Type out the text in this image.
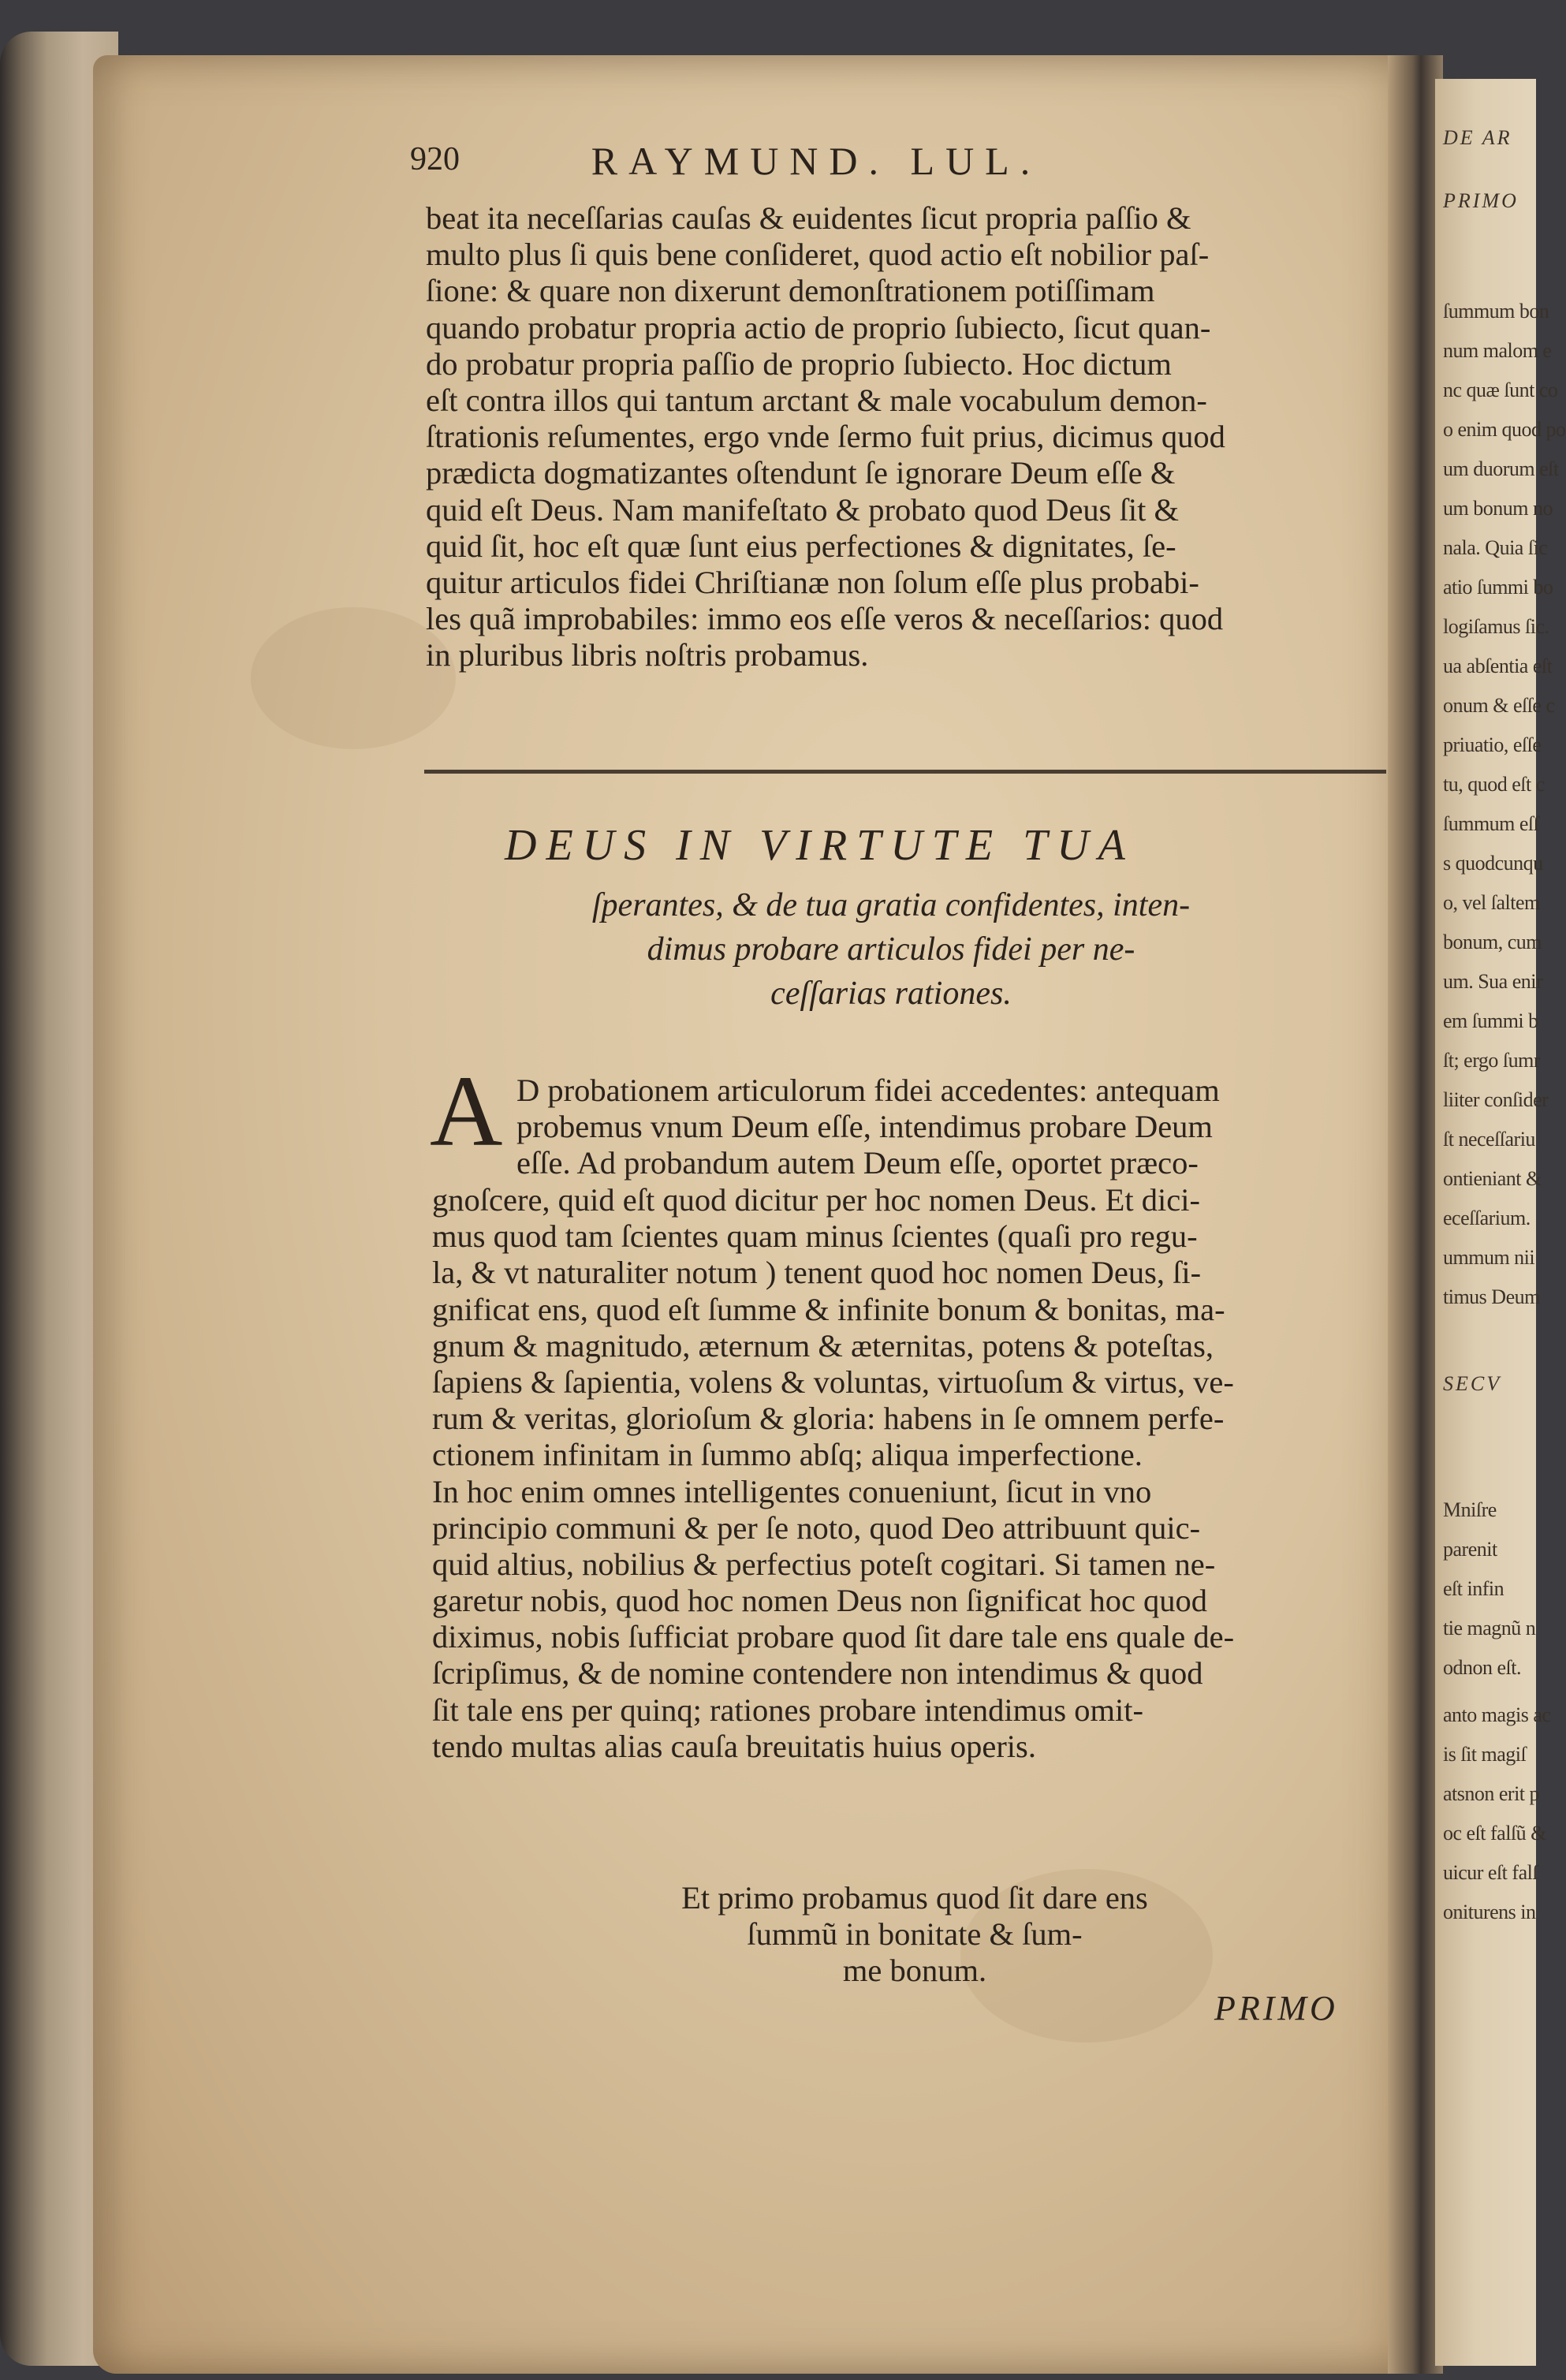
DE AR
PRIMO
ſummum bon
num malom e
nc quæ ſunt co
o enim quod po
um duorum eſt
um bonum no
nala. Quia ſic
atio ſummi bo
logiſamus ſic.
ua abſentia eſt
onum & eſſe c
priuatio, eſſe
tu, quod eſt c
ſummum eſſ
s quodcunqu
o, vel ſaltem
bonum, cum
um. Sua enir
em ſummi b
ſt; ergo ſumr
liiter conſider
ſt neceſſariu
ontieniant &
eceſſarium.
ummum nii
timus Deum
SECV
Mniſre
parenit
eſt infin
tie magnũ n
odnon eſt.
anto magis ac
is ſit magiſ
atsnon erit p
oc eſt falſũ &
uicur eſt falſ
oniturens in
920	RAYMUND. LUL.
beat ita neceſſarias cauſas & euidentes ſicut propria paſſio &
multo plus ſi quis bene conſideret, quod actio eſt nobilior paſ-
ſione: & quare non dixerunt demonſtrationem potiſſimam
quando probatur propria actio de proprio ſubiecto, ſicut quan-
do probatur propria paſſio de proprio ſubiecto. Hoc dictum
eſt contra illos qui tantum arctant & male vocabulum demon-
ſtrationis reſumentes, ergo vnde ſermo fuit prius, dicimus quod
prædicta dogmatizantes oſtendunt ſe ignorare Deum eſſe &
quid eſt Deus. Nam manifeſtato & probato quod Deus ſit &
quid ſit, hoc eſt quæ ſunt eius perfectiones & dignitates, ſe-
quitur articulos fidei Chriſtianæ non ſolum eſſe plus probabi-
les quã improbabiles: immo eos eſſe veros & neceſſarios: quod
in pluribus libris noſtris probamus.
DEUS IN VIRTUTE TUA
ſperantes, & de tua gratia confidentes, inten-
dimus probare articulos fidei per ne-
ceſſarias rationes.
A D probationem articulorum fidei accedentes: antequam
probemus vnum Deum eſſe, intendimus probare Deum
eſſe. Ad probandum autem Deum eſſe, oportet præco-
gnoſcere, quid eſt quod dicitur per hoc nomen Deus. Et dici-
mus quod tam ſcientes quam minus ſcientes (quaſi pro regu-
la, & vt naturaliter notum ) tenent quod hoc nomen Deus, ſi-
gnificat ens, quod eſt ſumme & infinite bonum & bonitas, ma-
gnum & magnitudo, æternum & æternitas, potens & poteſtas,
ſapiens & ſapientia, volens & voluntas, virtuoſum & virtus, ve-
rum & veritas, glorioſum & gloria: habens in ſe omnem perfe-
ctionem infinitam in ſummo abſq; aliqua imperfectione.
In hoc enim omnes intelligentes conueniunt, ſicut in vno
principio communi & per ſe noto, quod Deo attribuunt quic-
quid altius, nobilius & perfectius poteſt cogitari. Si tamen ne-
garetur nobis, quod hoc nomen Deus non ſignificat hoc quod
diximus, nobis ſufficiat probare quod ſit dare tale ens quale de-
ſcripſimus, & de nomine contendere non intendimus & quod
ſit tale ens per quinq; rationes probare intendimus omit-
tendo multas alias cauſa breuitatis huius operis.
Et primo probamus quod ſit dare ens
ſummũ in bonitate & ſum-
me bonum.
PRIMO
